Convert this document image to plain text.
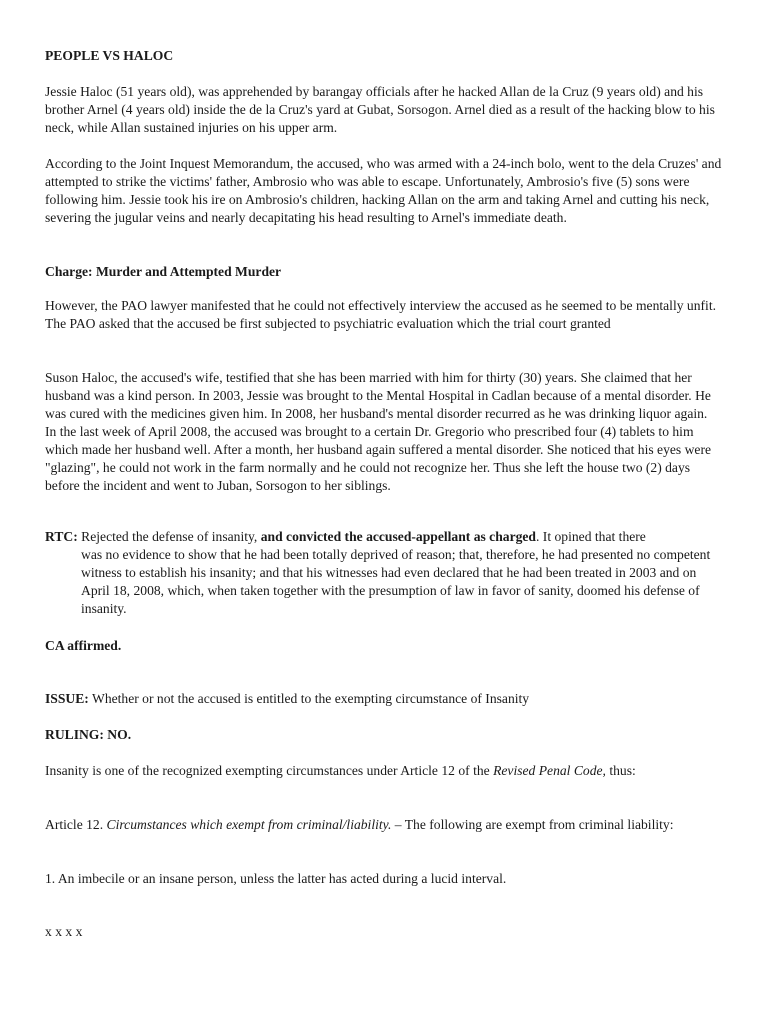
PEOPLE VS HALOC

Jessie Haloc (51 years old), was apprehended by barangay officials after he hacked Allan de la Cruz (9 years old) and his brother Arnel (4 years old) inside the de la Cruz's yard at Gubat, Sorsogon. Arnel died as a result of the hacking blow to his neck, while Allan sustained injuries on his upper arm.

According to the Joint Inquest Memorandum, the accused, who was armed with a 24-inch bolo, went to the dela Cruzes' and attempted to strike the victims' father, Ambrosio who was able to escape. Unfortunately, Ambrosio's five (5) sons were following him. Jessie took his ire on Ambrosio's children, hacking Allan on the arm and taking Arnel and cutting his neck, severing the jugular veins and nearly decapitating his head resulting to Arnel's immediate death.

Charge: Murder and Attempted Murder

However, the PAO lawyer manifested that he could not effectively interview the accused as he seemed to be mentally unfit. The PAO asked that the accused be first subjected to psychiatric evaluation which the trial court granted

Suson Haloc, the accused's wife, testified that she has been married with him for thirty (30) years. She claimed that her husband was a kind person. In 2003, Jessie was brought to the Mental Hospital in Cadlan because of a mental disorder. He was cured with the medicines given him. In 2008, her husband's mental disorder recurred as he was drinking liquor again. In the last week of April 2008, the accused was brought to a certain Dr. Gregorio who prescribed four (4) tablets to him which made her husband well. After a month, her husband again suffered a mental disorder. She noticed that his eyes were "glazing", he could not work in the farm normally and he could not recognize her. Thus she left the house two (2) days before the incident and went to Juban, Sorsogon to her siblings.

RTC: Rejected the defense of insanity, and convicted the accused-appellant as charged. It opined that there
was no evidence to show that he had been totally deprived of reason; that, therefore, he had presented no competent witness to establish his insanity; and that his witnesses had even declared that he had been treated in 2003 and on April 18, 2008, which, when taken together with the presumption of law in favor of sanity, doomed his defense of insanity.

CA affirmed.

ISSUE: Whether or not the accused is entitled to the exempting circumstance of Insanity

RULING: NO.

Insanity is one of the recognized exempting circumstances under Article 12 of the Revised Penal Code, thus:

Article 12. Circumstances which exempt from criminal/liability. – The following are exempt from criminal liability:

1. An imbecile or an insane person, unless the latter has acted during a lucid interval.

x x x x
